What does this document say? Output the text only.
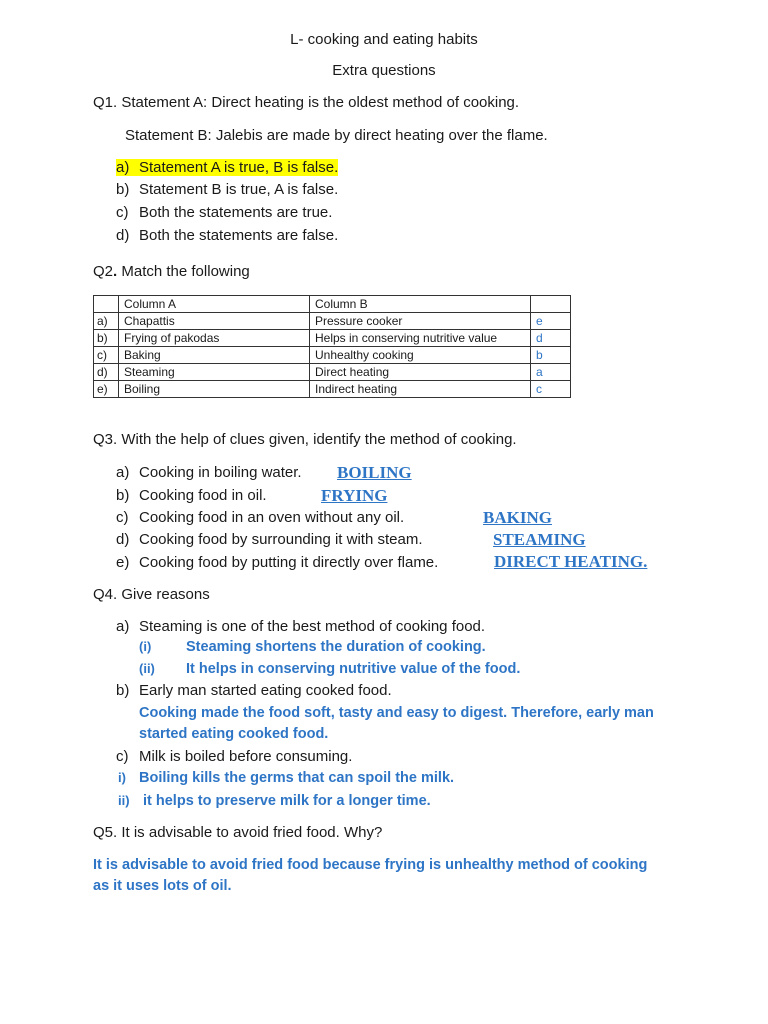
L- cooking and eating habits
Extra questions
Q1. Statement A: Direct heating is the oldest method of cooking.
Statement B: Jalebis are made by direct heating over the flame.
a) Statement A is true, B is false.
b) Statement B is true, A is false.
c) Both the statements are true.
d) Both the statements are false.
Q2. Match the following
	Column A	Column B	
a)	Chapattis	Pressure cooker	e
b)	Frying of pakodas	Helps in conserving nutritive value	d
c)	Baking	Unhealthy cooking	b
d)	Steaming	Direct heating	a
e)	Boiling	Indirect heating	c
Q3. With the help of clues given, identify the method of cooking.
a) Cooking in boiling water. BOILING
b) Cooking food in oil.	FRYING
c) Cooking food in an oven without any oil.	BAKING
d) Cooking food by surrounding it with steam.	STEAMING
e) Cooking food by putting it directly over flame.	DIRECT HEATING.
Q4. Give reasons
a) Steaming is one of the best method of cooking food.
(i) Steaming shortens the duration of cooking.
(ii) It helps in conserving nutritive value of the food.
b) Early man started eating cooked food.
Cooking made the food soft, tasty and easy to digest. Therefore, early man
started eating cooked food.
c) Milk is boiled before consuming.
i) Boiling kills the germs that can spoil the milk.
ii) it helps to preserve milk for a longer time.
Q5. It is advisable to avoid fried food. Why?
It is advisable to avoid fried food because frying is unhealthy method of cooking
as it uses lots of oil.
